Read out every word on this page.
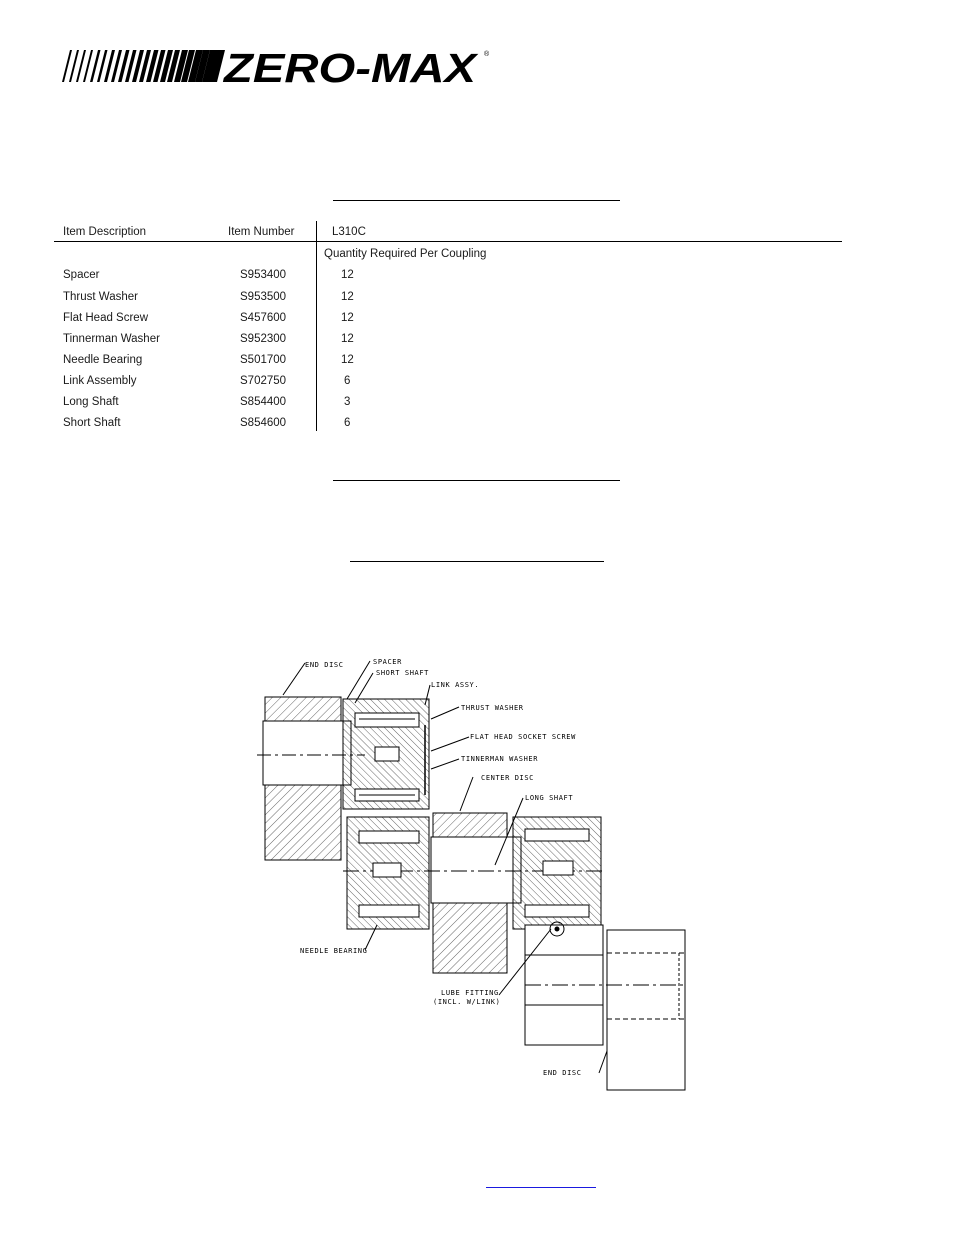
ZERO-MAX ®
Item Description	Item Number	L310C
Quantity Required Per Coupling
Spacer	S953400	12
Thrust Washer	S953500	12
Flat Head Screw	S457600	12
Tinnerman Washer	S952300	12
Needle Bearing	S501700	12
Link Assembly	S702750	6
Long Shaft	S854400	3
Short Shaft	S854600	6
END DISC	SPACER
SHORT SHAFT
LINK ASSY.
THRUST WASHER
FLAT HEAD SOCKET SCREW
TINNERMAN WASHER
CENTER DISC
LONG SHAFT
NEEDLE BEARING
LUBE FITTING
(INCL. W/LINK)
END DISC
